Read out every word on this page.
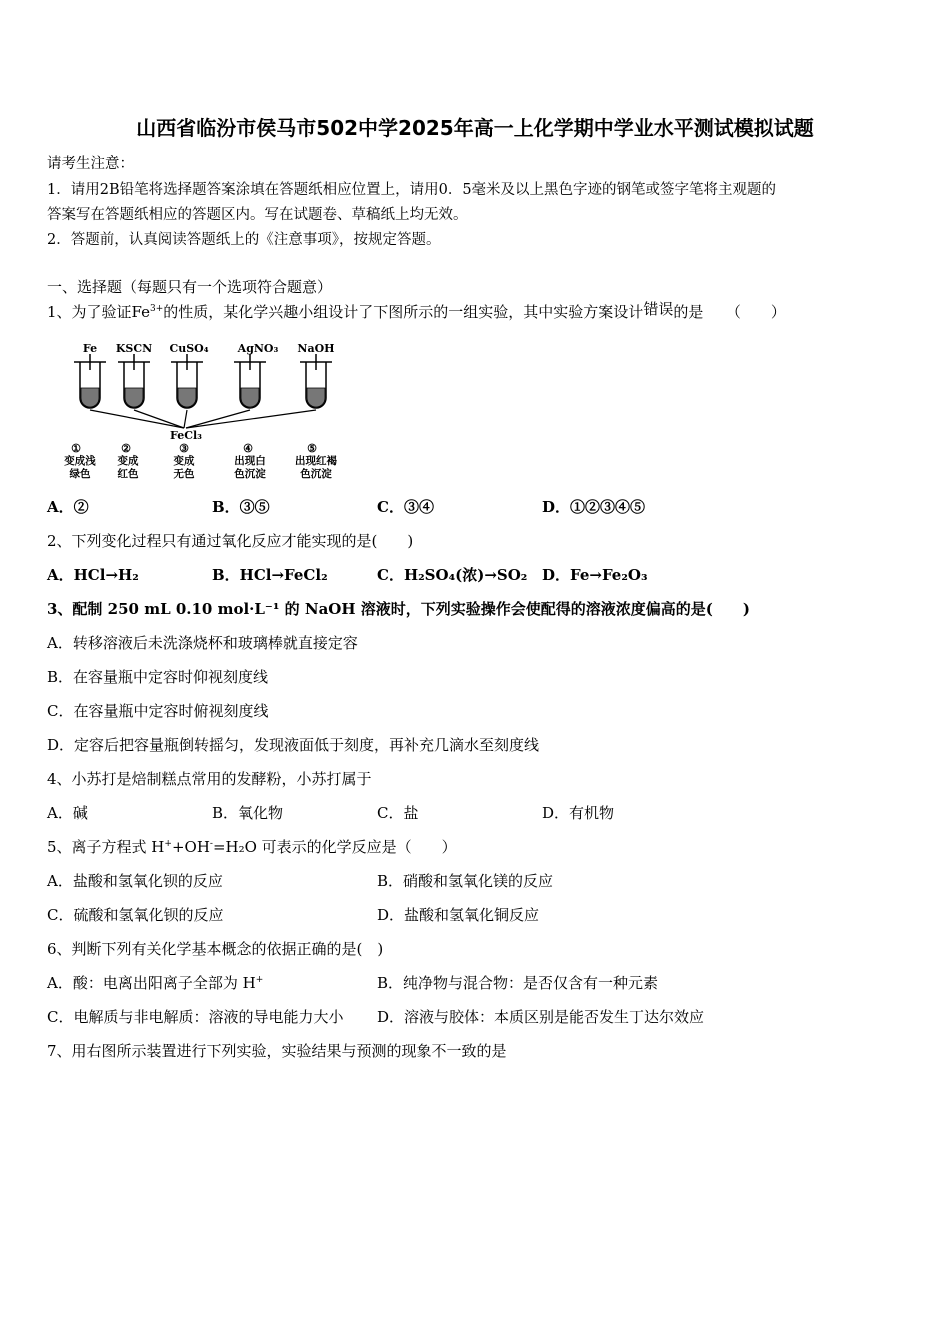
山西省临汾市侯马市502中学2025年高一上化学期中学业水平测试模拟试题
请考生注意：
1．请用2B铅笔将选择题答案涂填在答题纸相应位置上，请用0．5毫米及以上黑色字迹的钢笔或签字笔将主观题的
答案写在答题纸相应的答题区内。写在试题卷、草稿纸上均无效。
2．答题前，认真阅读答题纸上的《注意事项》，按规定答题。
一、选择题（每题只有一个选项符合题意）
1、为了验证$Fe^{3+}$的性质，某化学兴趣小组设计了下图所示的一组实验，其中实验方案设计错误的是　　（　　）
Fe KSCN CuSO₄	AgNO₃ NaOH
FeCl₃
①	②	③	④	⑤
变成浅 变成	变成	出现白	出现红褐
绿色	红色	无色	色沉淀	色沉淀
A．②	B．③⑤	C．③④	D．①②③④⑤
2、下列变化过程只有通过氧化反应才能实现的是(　　)
A．HCl→H₂	B．HCl→FeCl₂	C．H₂SO₄(浓)→SO₂ D．Fe→Fe₂O₃
3、配制 250 mL 0.10 mol·L⁻¹ 的 NaOH 溶液时，下列实验操作会使配得的溶液浓度偏高的是(　　)
A．转移溶液后未洗涤烧杯和玻璃棒就直接定容
B．在容量瓶中定容时仰视刻度线
C．在容量瓶中定容时俯视刻度线
D．定容后把容量瓶倒转摇匀，发现液面低于刻度，再补充几滴水至刻度线
4、小苏打是焙制糕点常用的发酵粉，小苏打属于
A．碱	B．氧化物	C．盐	D．有机物
5、离子方程式 H++OH-=H₂O 可表示的化学反应是（　　）
A．盐酸和氢氧化钡的反应	B．硝酸和氢氧化镁的反应
C．硫酸和氢氧化钡的反应	D．盐酸和氢氧化铜反应
6、判断下列有关化学基本概念的依据正确的是(　)
A．酸：电离出阳离子全部为 H+	B．纯净物与混合物：是否仅含有一种元素
C．电解质与非电解质：溶液的导电能力大小 D．溶液与胶体：本质区别是能否发生丁达尔效应
7、用右图所示装置进行下列实验，实验结果与预测的现象不一致的是
